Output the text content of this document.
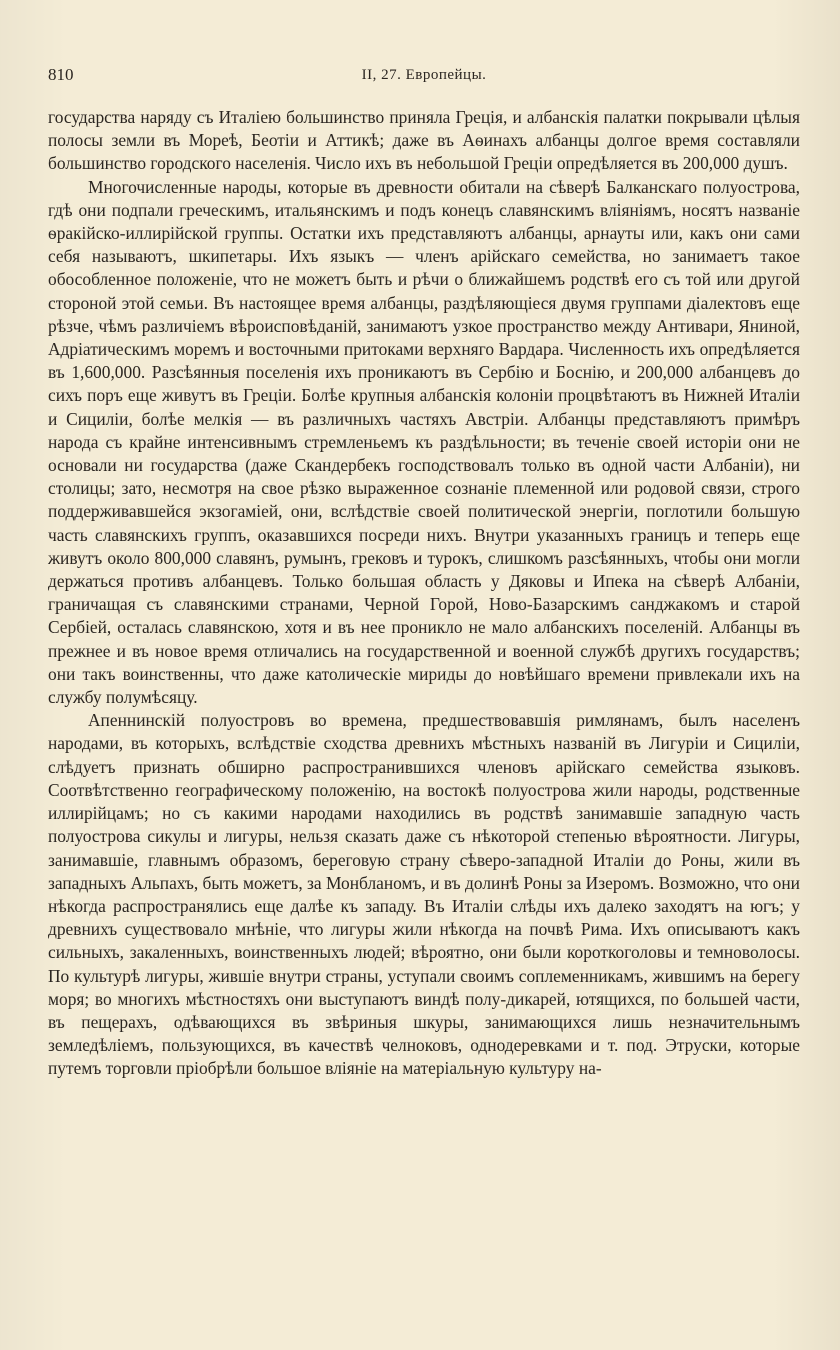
810	II, 27. Европейцы.

государства наряду съ Италiею большинство приняла Грецiя, и албанскiя палатки покрывали цѣлыя полосы земли въ Мореѣ, Беотiи и Аттикѣ; даже въ Аѳинахъ албанцы долгое время составляли большинство городского населенiя. Число ихъ въ небольшой Грецiи опредѣляется въ 200,000 душъ.

Многочисленные народы, которые въ древности обитали на сѣверѣ Балканскаго полуострова, гдѣ они подпали греческимъ, итальянскимъ и подъ конецъ славянскимъ влiянiямъ, носятъ названiе ѳракiйско-иллирiйской группы. Остатки ихъ представляютъ албанцы, арнауты или, какъ они сами себя называютъ, шкипетары. Ихъ языкъ — членъ арiйскаго семейства, но занимаетъ такое обособленное положенiе, что не можетъ быть и рѣчи о ближайшемъ родствѣ его съ той или другой стороной этой семьи. Въ настоящее время албанцы, раздѣляющiеся двумя группами дiалектовъ еще рѣзче, чѣмъ различiемъ вѣроисповѣданiй, занимаютъ узкое пространство между Антивари, Яниной, Адрiатическимъ моремъ и восточными притоками верхняго Вардара. Численность ихъ опредѣляется въ 1,600,000. Разсѣянныя поселенiя ихъ проникаютъ въ Сербiю и Боснiю, и 200,000 албанцевъ до сихъ поръ еще живутъ въ Грецiи. Болѣе крупныя албанскiя колонiи процвѣтаютъ въ Нижней Италiи и Сицилiи, болѣе мелкiя — въ различныхъ частяхъ Австрiи. Албанцы представляютъ примѣръ народа съ крайне интенсивнымъ стремленьемъ къ раздѣльности; въ теченiе своей исторiи они не основали ни государства (даже Скандербекъ господствовалъ только въ одной части Албанiи), ни столицы; зато, несмотря на свое рѣзко выраженное сознанiе племенной или родовой связи, строго поддерживавшейся экзогамiей, они, вслѣдствiе своей политической энергiи, поглотили большую часть славянскихъ группъ, оказавшихся посреди нихъ. Внутри указанныхъ границъ и теперь еще живутъ около 800,000 славянъ, румынъ, грековъ и турокъ, слишкомъ разсѣянныхъ, чтобы они могли держаться противъ албанцевъ. Только большая область у Дяковы и Ипека на сѣверѣ Албанiи, граничащая съ славянскими странами, Черной Горой, Ново-Базарскимъ санджакомъ и старой Сербiей, осталась славянскою, хотя и въ нее проникло не мало албанскихъ поселенiй. Албанцы въ прежнее и въ новое время отличались на государственной и военной службѣ другихъ государствъ; они такъ воинственны, что даже католическiе мириды до новѣйшаго времени привлекали ихъ на службу полумѣсяцу.

Апеннинскiй полуостровъ во времена, предшествовавшiя римлянамъ, былъ населенъ народами, въ которыхъ, вслѣдствiе сходства древнихъ мѣстныхъ названiй въ Лигурiи и Сицилiи, слѣдуетъ признать обширно распространившихся членовъ арiйскаго семейства языковъ. Соотвѣтственно географическому положенiю, на востокѣ полуострова жили народы, родственные иллирiйцамъ; но съ какими народами находились въ родствѣ занимавшiе западную часть полуострова сикулы и лигуры, нельзя сказать даже съ нѣкоторой степенью вѣроятности. Лигуры, занимавшiе, главнымъ образомъ, береговую страну сѣверо-западной Италiи до Роны, жили въ западныхъ Альпахъ, быть можетъ, за Монбланомъ, и въ долинѣ Роны за Изеромъ. Возможно, что они нѣкогда распространялись еще далѣе къ западу. Въ Италiи слѣды ихъ далеко заходятъ на югъ; у древнихъ существовало мнѣнiе, что лигуры жили нѣкогда на почвѣ Рима. Ихъ описываютъ какъ сильныхъ, закаленныхъ, воинственныхъ людей; вѣроятно, они были короткоголовы и темноволосы. По культурѣ лигуры, жившiе внутри страны, уступали своимъ соплеменникамъ, жившимъ на берегу моря; во многихъ мѣстностяхъ они выступаютъ виндѣ полу-дикарей, ютящихся, по большей части, въ пещерахъ, одѣвающихся въ звѣриныя шкуры, занимающихся лишь незначительнымъ земледѣлiемъ, пользующихся, въ качествѣ челноковъ, однодеревками и т. под. Этруски, которые путемъ торговли прiобрѣли большое влiянiе на матерiальную культуру на-
